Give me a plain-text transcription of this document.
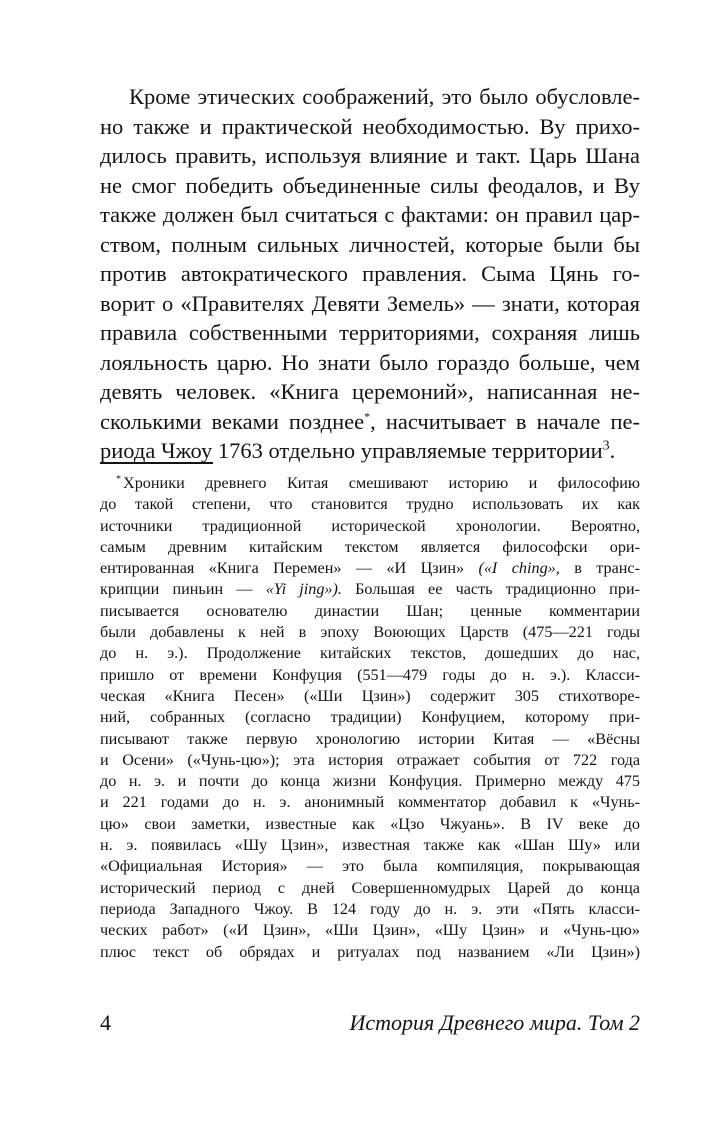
Кроме этических соображений, это было обусловле-
но также и практической необходимостью. Ву прихо-
дилось править, используя влияние и такт. Царь Шана
не смог победить объединенные силы феодалов, и Ву
также должен был считаться с фактами: он правил цар-
ством, полным сильных личностей, которые были бы
против автократического правления. Сыма Цянь го-
ворит о «Правителях Девяти Земель» — знати, которая
правила собственными территориями, сохраняя лишь
лояльность царю. Но знати было гораздо больше, чем
девять человек. «Книга церемоний», написанная не-
сколькими веками позднее*, насчитывает в начале пе-
риода Чжоу 1763 отдельно управляемые территории$^3$.
* Хроники древнего Китая смешивают историю и философию
до такой степени, что становится трудно использовать их как
источники традиционной исторической хронологии. Вероятно,
самым древним китайским текстом является философски ори-
ентированная «Книга Перемен» — «И Цзин» («I ching», в транс-
крипции пиньин — «Yi jing»). Большая ее часть традиционно при-
писывается основателю династии Шан; ценные комментарии
были добавлены к ней в эпоху Воюющих Царств (475—221 годы
до н. э.). Продолжение китайских текстов, дошедших до нас,
пришло от времени Конфуция (551—479 годы до н. э.). Класси-
ческая «Книга Песен» («Ши Цзин») содержит 305 стихотворе-
ний, собранных (согласно традиции) Конфуцием, которому при-
писывают также первую хронологию истории Китая — «Вёсны
и Осени» («Чунь-цю»); эта история отражает события от 722 года
до н. э. и почти до конца жизни Конфуция. Примерно между 475
и 221 годами до н. э. анонимный комментатор добавил к «Чунь-
цю» свои заметки, известные как «Цзо Чжуань». В IV веке до
н. э. появилась «Шу Цзин», известная также как «Шан Шу» или
«Официальная История» — это была компиляция, покрывающая
исторический период с дней Совершенномудрых Царей до конца
периода Западного Чжоу. В 124 году до н. э. эти «Пять класси-
ческих работ» («И Цзин», «Ши Цзин», «Шу Цзин» и «Чунь-цю»
плюс текст об обрядах и ритуалах под названием «Ли Цзин»)
4	История Древнего мира. Том 2
